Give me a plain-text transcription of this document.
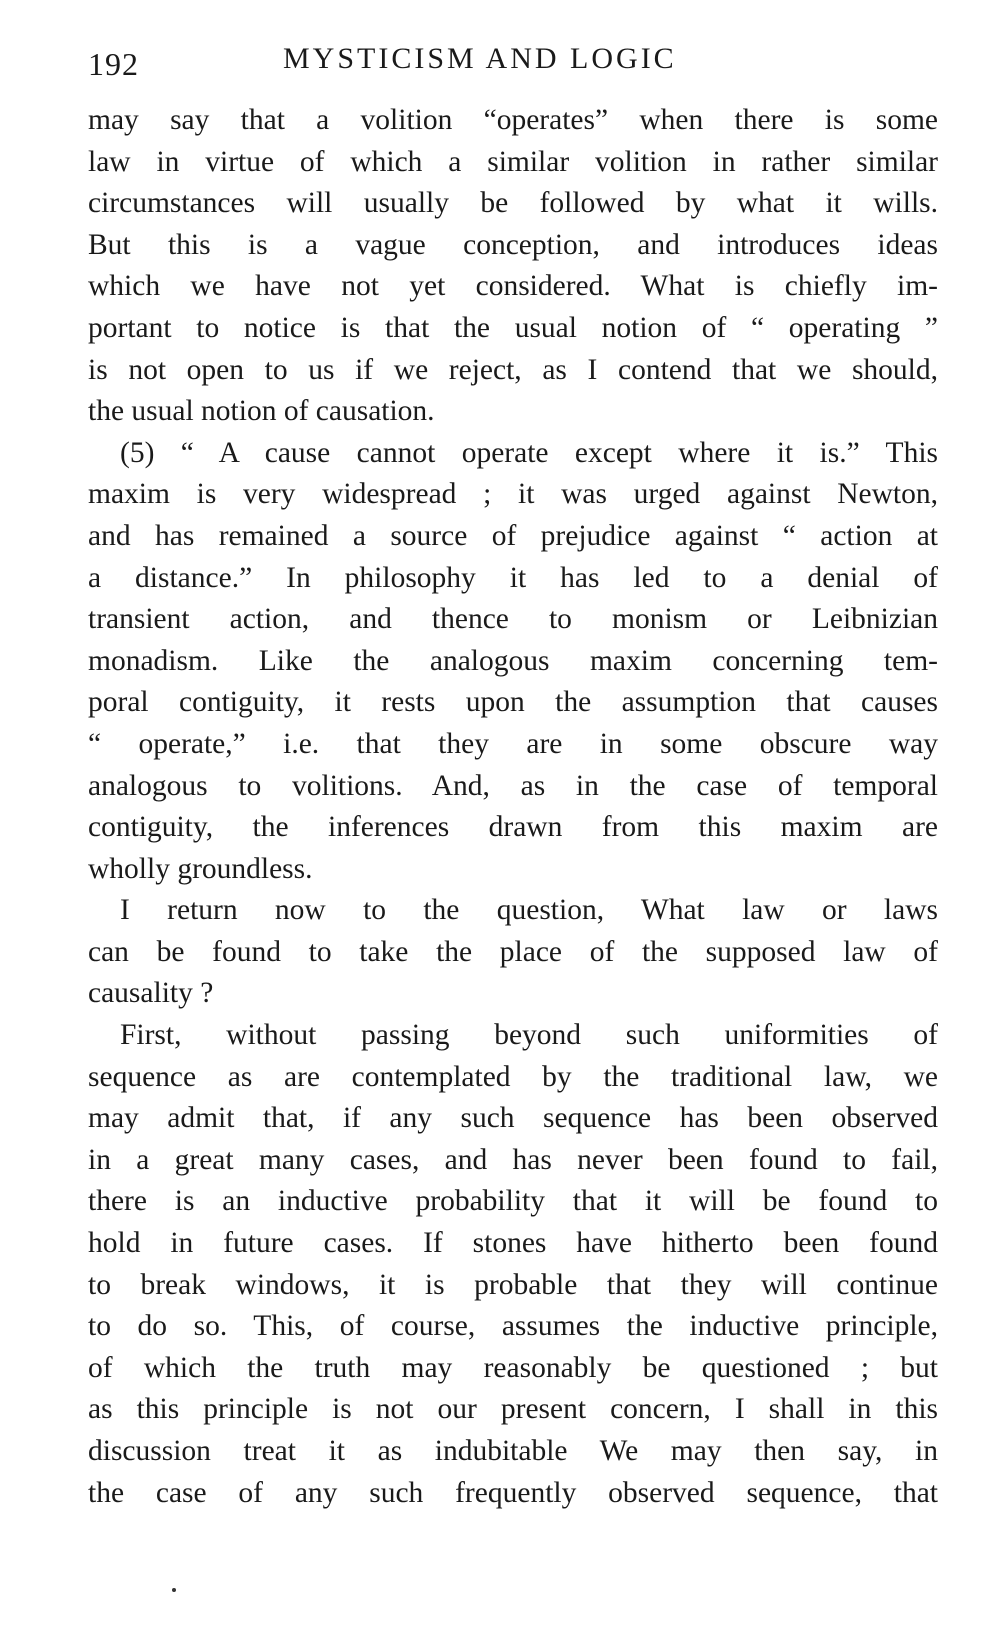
192	MYSTICISM AND LOGIC
may say that a volition “operates” when there is some
law in virtue of which a similar volition in rather similar
circumstances will usually be followed by what it wills.
But this is a vague conception, and introduces ideas
which we have not yet considered. What is chiefly im-
portant to notice is that the usual notion of “ operating ”
is not open to us if we reject, as I contend that we should,
the usual notion of causation.
(5) “ A cause cannot operate except where it is.” This
maxim is very widespread ; it was urged against Newton,
and has remained a source of prejudice against “ action at
a distance.” In philosophy it has led to a denial of
transient action, and thence to monism or Leibnizian
monadism. Like the analogous maxim concerning tem-
poral contiguity, it rests upon the assumption that causes
“ operate,” i.e. that they are in some obscure way
analogous to volitions. And, as in the case of temporal
contiguity, the inferences drawn from this maxim are
wholly groundless.
I return now to the question, What law or laws
can be found to take the place of the supposed law of
causality ?
First, without passing beyond such uniformities of
sequence as are contemplated by the traditional law, we
may admit that, if any such sequence has been observed
in a great many cases, and has never been found to fail,
there is an inductive probability that it will be found to
hold in future cases. If stones have hitherto been found
to break windows, it is probable that they will continue
to do so. This, of course, assumes the inductive principle,
of which the truth may reasonably be questioned ; but
as this principle is not our present concern, I shall in this
discussion treat it as indubitable We may then say, in
the case of any such frequently observed sequence, that
